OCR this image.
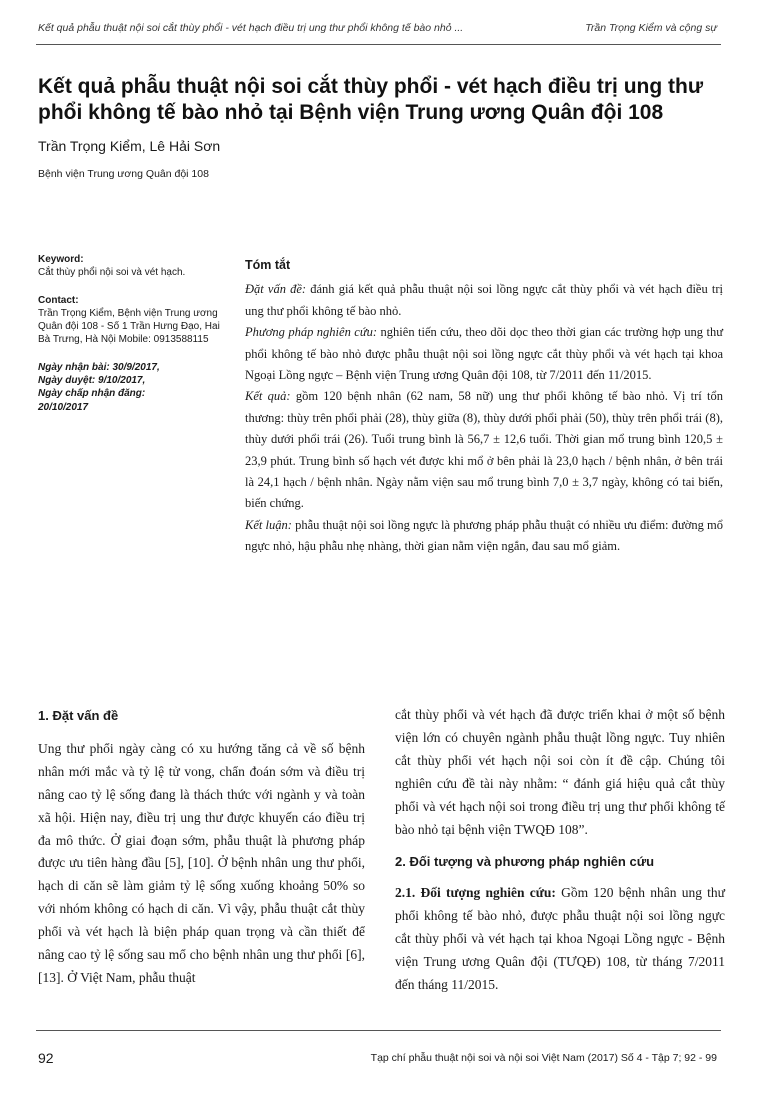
Kết quả phẫu thuật nội soi cắt thùy phổi - vét hạch điều trị ung thư phổi không tế bào nhỏ ...	Trần Trọng Kiểm và cộng sự
Kết quả phẫu thuật nội soi cắt thùy phổi - vét hạch điều trị ung thư phổi không tế bào nhỏ tại Bệnh viện Trung ương Quân đội 108
Trần Trọng Kiểm, Lê Hải Sơn
Bệnh viện Trung ương Quân đội 108
Keyword:
Cắt thùy phổi nội soi và vét hạch.
Contact:
Trần Trọng Kiểm, Bệnh viện Trung ương Quân đội 108 - Số 1 Trần Hưng Đạo, Hai Bà Trưng, Hà Nội Mobile: 0913588115
Ngày nhận bài: 30/9/2017,
Ngày duyệt: 9/10/2017,
Ngày chấp nhận đăng:
20/10/2017
Tóm tắt

Đặt vấn đề: đánh giá kết quả phẫu thuật nội soi lồng ngực cắt thùy phổi và vét hạch điều trị ung thư phổi không tế bào nhỏ.

Phương pháp nghiên cứu: nghiên tiến cứu, theo dõi dọc theo thời gian các trường hợp ung thư phổi không tế bào nhỏ được phẫu thuật nội soi lồng ngực cắt thùy phổi và vét hạch tại khoa Ngoại Lồng ngực – Bệnh viện Trung ương Quân đội 108, từ 7/2011 đến 11/2015.

Kết quả: gồm 120 bệnh nhân (62 nam, 58 nữ) ung thư phổi không tế bào nhỏ. Vị trí tổn thương: thùy trên phổi phải (28), thùy giữa (8), thùy dưới phổi phải (50), thùy trên phổi trái (8), thùy dưới phổi trái (26). Tuổi trung bình là 56,7 ± 12,6 tuổi. Thời gian mổ trung bình 120,5 ± 23,9 phút. Trung bình số hạch vét được khi mổ ở bên phải là 23,0 hạch / bệnh nhân, ở bên trái là 24,1 hạch / bệnh nhân. Ngày nằm viện sau mổ trung bình 7,0 ± 3,7 ngày, không có tai biến, biến chứng.

Kết luận: phẫu thuật nội soi lồng ngực là phương pháp phẫu thuật có nhiều ưu điểm: đường mổ ngực nhỏ, hậu phẫu nhẹ nhàng, thời gian nằm viện ngắn, đau sau mổ giảm.

1. Đặt vấn đề

Ung thư phổi ngày càng có xu hướng tăng cả về số bệnh nhân mới mắc và tỷ lệ tử vong, chẩn đoán sớm và điều trị nâng cao tỷ lệ sống đang là thách thức với ngành y và toàn xã hội. Hiện nay, điều trị ung thư được khuyến cáo điều trị đa mô thức. Ở giai đoạn sớm, phẫu thuật là phương pháp được ưu tiên hàng đầu [5], [10]. Ở bệnh nhân ung thư phổi, hạch di căn sẽ làm giảm tỷ lệ sống xuống khoảng 50% so với nhóm không có hạch di căn. Vì vậy, phẫu thuật cắt thùy phổi và vét hạch là biện pháp quan trọng và cần thiết để nâng cao tỷ lệ sống sau mổ cho bệnh nhân ung thư phổi [6], [13]. Ở Việt Nam, phẫu thuật

cắt thùy phổi và vét hạch đã được triển khai ở một số bệnh viện lớn có chuyên ngành phẫu thuật lồng ngực. Tuy nhiên cắt thùy phổi vét hạch nội soi còn ít đề cập. Chúng tôi nghiên cứu đề tài này nhằm: “ đánh giá hiệu quả cắt thùy phổi và vét hạch nội soi trong điều trị ung thư phổi không tế bào nhỏ tại bệnh viện TWQĐ 108”.

2. Đối tượng và phương pháp nghiên cứu

2.1. Đối tượng nghiên cứu: Gồm 120 bệnh nhân ung thư phổi không tế bào nhỏ, được phẫu thuật nội soi lồng ngực cắt thùy phổi và vét hạch tại khoa Ngoại Lồng ngực - Bệnh viện Trung ương Quân đội (TƯQĐ) 108, từ tháng 7/2011 đến tháng 11/2015.

92	Tạp chí phẫu thuật nội soi và nội soi Việt Nam (2017) Số 4 - Tập 7; 92 - 99
